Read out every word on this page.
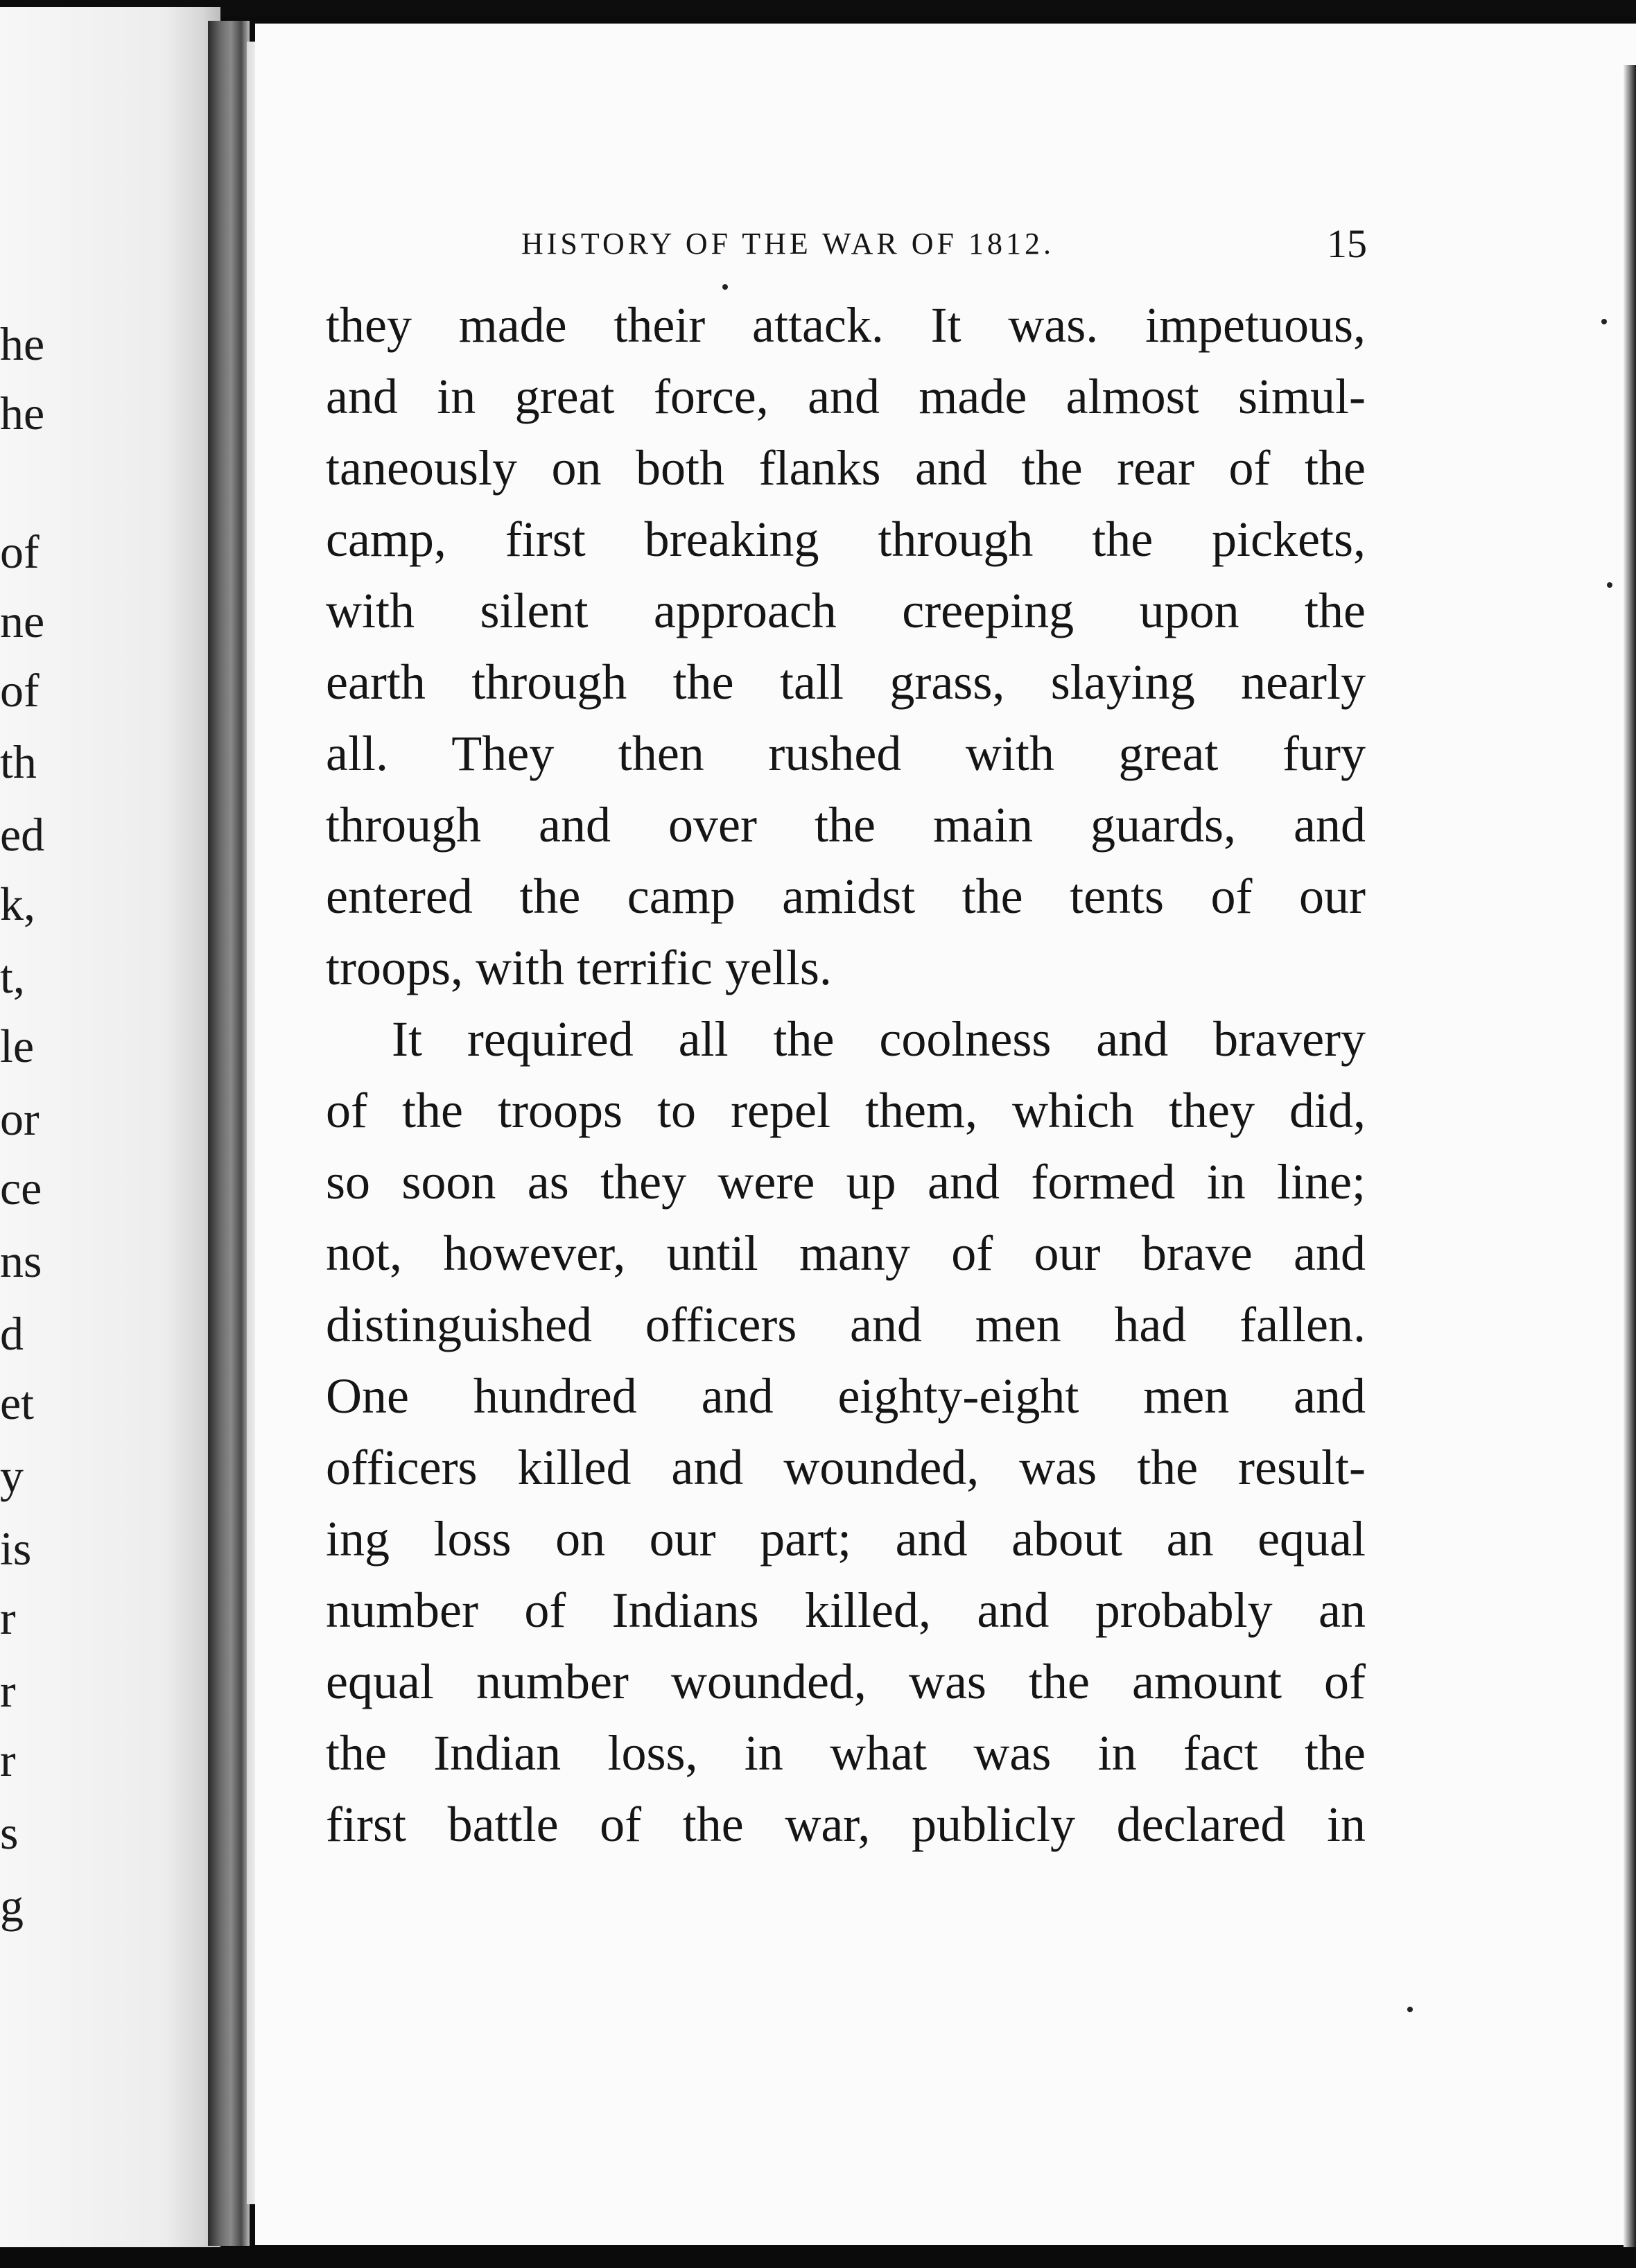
he
he
of
ne
of
th
ed
k,
t,
le
or
ce
ns
d
et
y
is
r
r
r
s
g
HISTORY OF THE WAR OF 1812.	15
they made their attack. It was. impetuous,
and in great force, and made almost simul-
taneously on both flanks and the rear of the
camp, first breaking through the pickets,
with silent approach creeping upon the
earth through the tall grass, slaying nearly
all. They then rushed with great fury
through and over the main guards, and
entered the camp amidst the tents of our
troops, with terrific yells.
It required all the coolness and bravery
of the troops to repel them, which they did,
so soon as they were up and formed in line;
not, however, until many of our brave and
distinguished officers and men had fallen.
One hundred and eighty-eight men and
officers killed and wounded, was the result-
ing loss on our part; and about an equal
number of Indians killed, and probably an
equal number wounded, was the amount of
the Indian loss, in what was in fact the
first battle of the war, publicly declared in
